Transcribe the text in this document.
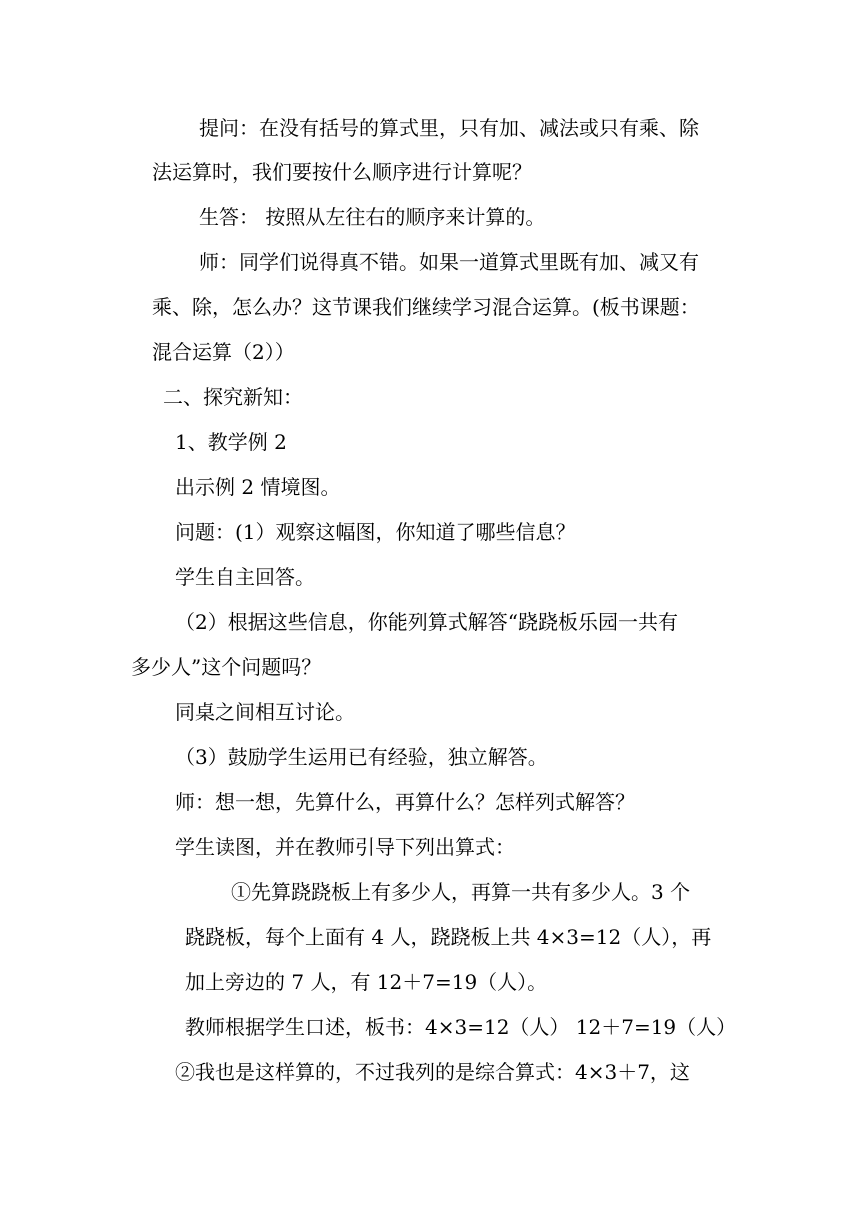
提问：在没有括号的算式里，只有加、减法或只有乘、除
法运算时，我们要按什么顺序进行计算呢？
生答： 按照从左往右的顺序来计算的。
师：同学们说得真不错。如果一道算式里既有加、减又有
乘、除，怎么办？这节课我们继续学习混合运算。(板书课题：
混合运算（2））
二、探究新知：
1、教学例 2
出示例 2 情境图。
问题：(1）观察这幅图，你知道了哪些信息？
学生自主回答。
（2）根据这些信息，你能列算式解答“跷跷板乐园一共有
多少人”这个问题吗？
同桌之间相互讨论。
（3）鼓励学生运用已有经验，独立解答。
师：想一想，先算什么，再算什么？怎样列式解答？
学生读图，并在教师引导下列出算式：
①先算跷跷板上有多少人，再算一共有多少人。3 个
跷跷板，每个上面有 4 人，跷跷板上共 4×3=12（人），再
加上旁边的 7 人，有 12＋7=19（人）。
教师根据学生口述，板书：4×3=12（人） 12＋7=19（人）
②我也是这样算的，不过我列的是综合算式：4×3＋7，这
